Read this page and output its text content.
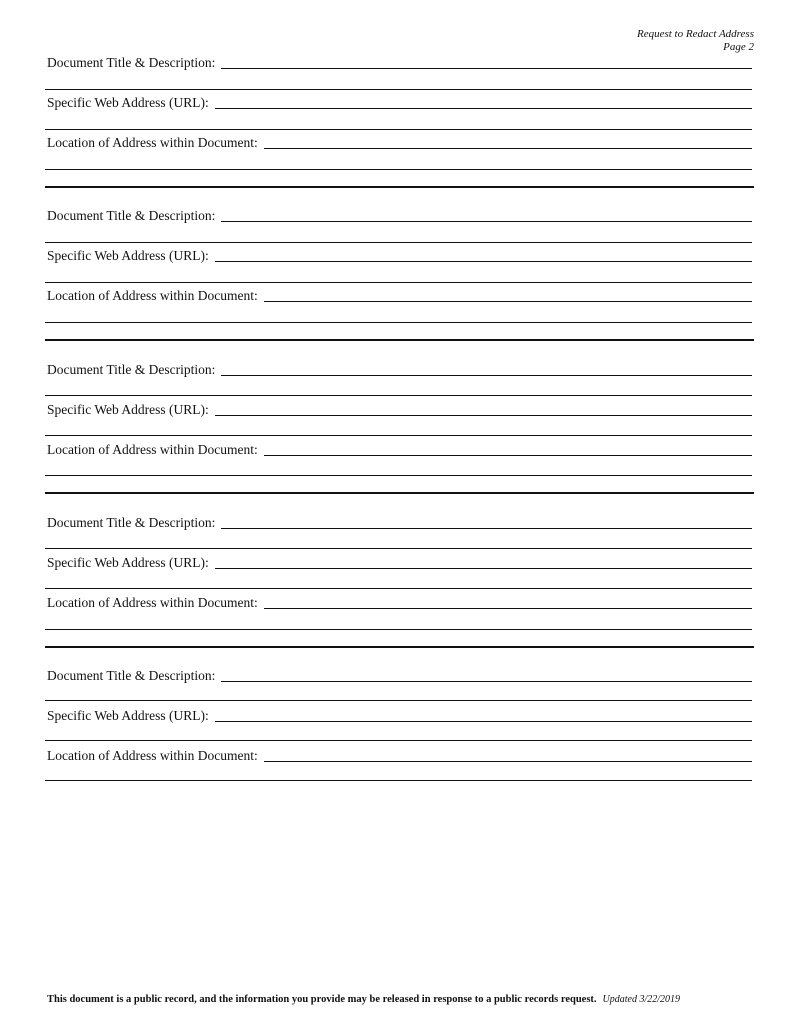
Request to Redact Address
Page 2
Document Title & Description:
Specific Web Address (URL):
Location of Address within Document:
Document Title & Description:
Specific Web Address (URL):
Location of Address within Document:
Document Title & Description:
Specific Web Address (URL):
Location of Address within Document:
Document Title & Description:
Specific Web Address (URL):
Location of Address within Document:
Document Title & Description:
Specific Web Address (URL):
Location of Address within Document:
This document is a public record, and the information you provide may be released in response to a public records request. Updated 3/22/2019
